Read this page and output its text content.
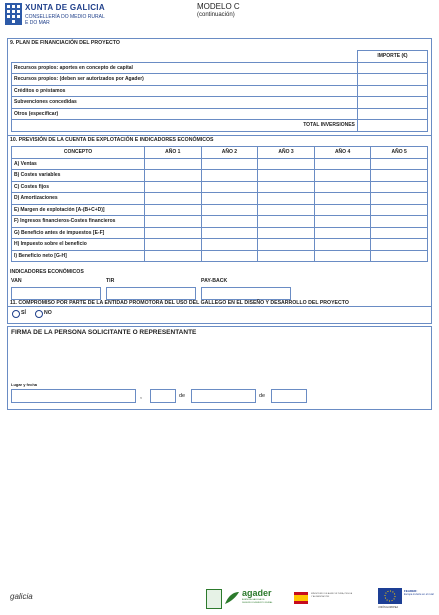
XUNTA DE GALICIA
CONSELLERÍA DO MEDIO RURAL
E DO MAR
MODELO C
(continuación)
9. PLAN DE FINANCIACIÓN DEL PROYECTO
	IMPORTE (€)
Recursos propios: aportes en concepto de capital	
Recursos propios: (deben ser autorizados por Agader)	
Créditos o préstamos	
Subvenciones concedidas	
Otros (especificar)	
TOTAL INVERSIONES	
10. PREVISIÓN DE LA CUENTA DE EXPLOTACIÓN E INDICADORES ECONÓMICOS
CONCEPTO	AÑO 1	AÑO 2	AÑO 3	AÑO 4	AÑO 5
A) Ventas					
B) Costes variables					
C) Costes fijos					
D) Amortizaciones					
E) Margen de explotación [A-(B+C+D)]					
F) Ingresos financieros-Costes financieros					
G) Beneficio antes de impuestos [E-F]					
H) Impuesto sobre el beneficio					
I) Beneficio neto [G-H]					
INDICADORES ECONÓMICOS
VAN	TIR	PAY-BACK
11. COMPROMISO POR PARTE DE LA ENTIDAD PROMOTORA DEL USO DEL GALLEGO EN EL DISEÑO Y DESARROLLO DEL PROYECTO
SÍ	NO
FIRMA DE LA PERSONA SOLICITANTE O REPRESENTANTE
Lugar y fecha
,	de	de
galicia	agader
AXENCIA GALEGA DE DESENVOLVEMENTO RURAL
MINISTERIO DE AGRICULTURA, PESCA Y ALIMENTACIÓN
FEADER:
Europa invierte en el rural
UNIÓN EUROPEA
